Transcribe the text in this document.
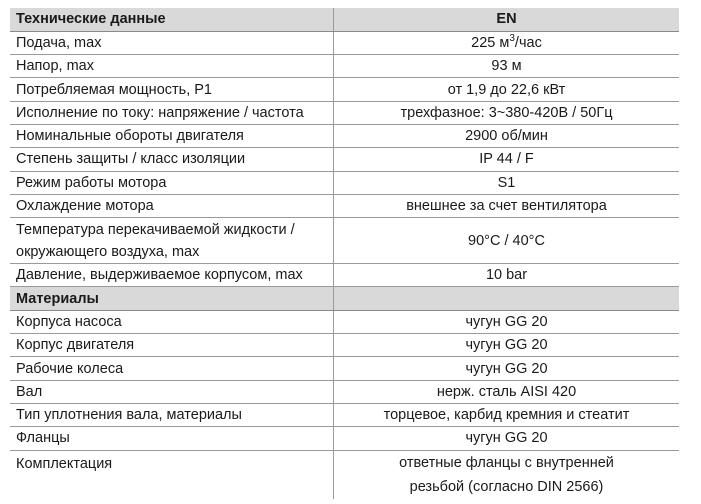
Технические данные	EN
Подача, max	225 $м^3$/час
Напор, max	93 м
Потребляемая мощность, P1	от 1,9 до 22,6 кВт
Исполнение по току: напряжение / частота	трехфазное: 3~380-420В / 50Гц
Номинальные обороты двигателя	2900 об/мин
Степень защиты / класс изоляции	IP 44 / F
Режим работы мотора	S1
Охлаждение мотора	внешнее за счет вентилятора

Температура перекачиваемой жидкости /
окружающего воздуха, max	90°C / 40°C
Давление, выдерживаемое корпусом, max	10 bar
Материалы	
Корпуса насоса	чугун GG 20
Корпус двигателя	чугун GG 20
Рабочие колеса	чугун GG 20
Вал	нерж. сталь AISI 420
Тип уплотнения вала, материалы	торцевое, карбид кремния и стеатит
Фланцы	чугун GG 20
Комплектация	ответные фланцы с внутренней
резьбой (согласно DIN 2566)
